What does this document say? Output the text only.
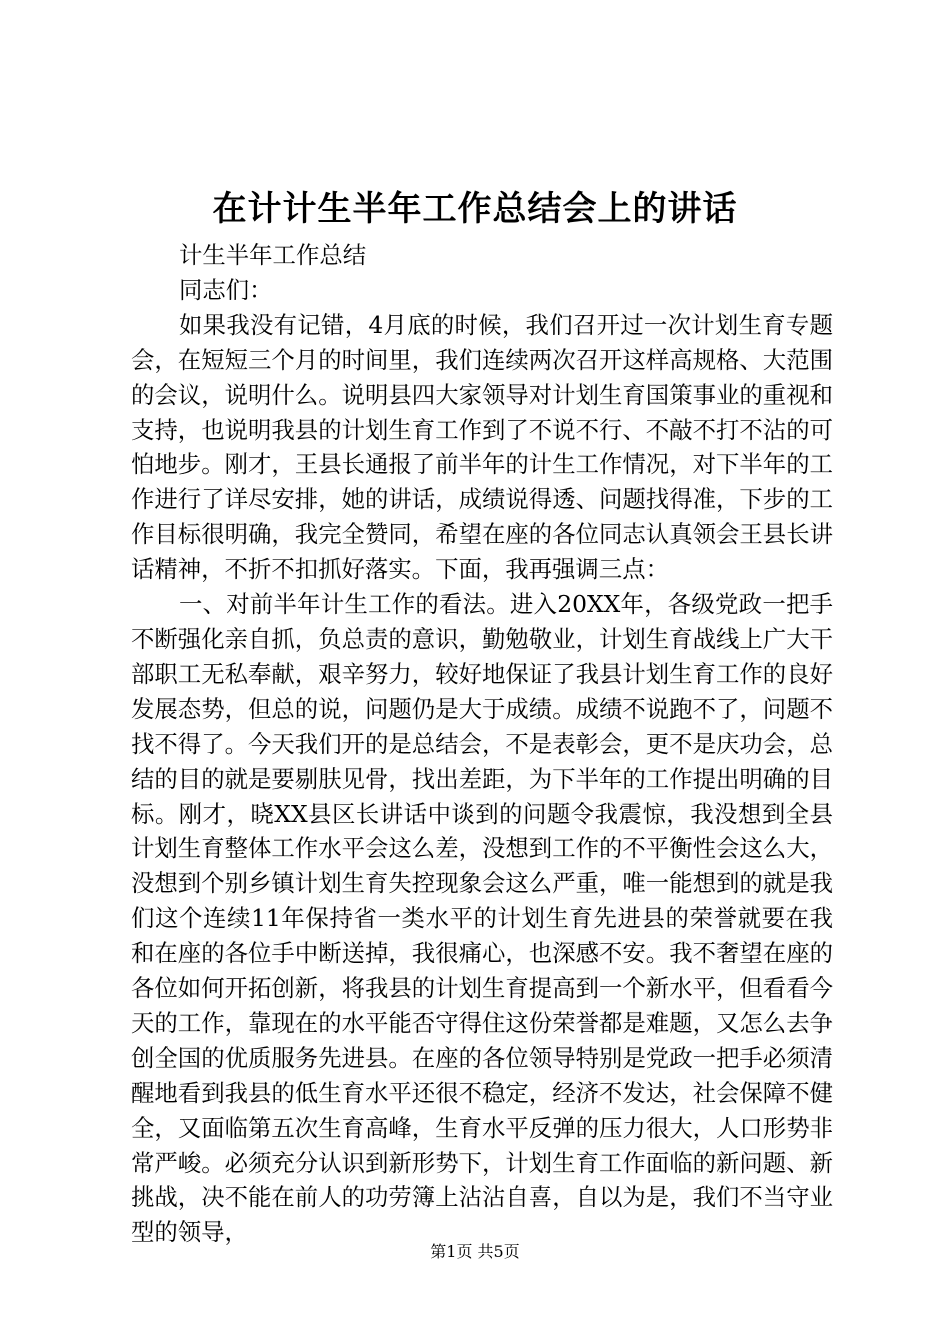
在计计生半年工作总结会上的讲话

计生半年工作总结

同志们：

如果我没有记错，4月底的时候，我们召开过一次计划生育专题会，在短短三个月的时间里，我们连续两次召开这样高规格、大范围的会议，说明什么。说明县四大家领导对计划生育国策事业的重视和支持，也说明我县的计划生育工作到了不说不行、不敲不打不沾的可怕地步。刚才，王县长通报了前半年的计生工作情况，对下半年的工作进行了详尽安排，她的讲话，成绩说得透、问题找得准，下步的工作目标很明确，我完全赞同，希望在座的各位同志认真领会王县长讲话精神，不折不扣抓好落实。下面，我再强调三点：

一、对前半年计生工作的看法。进入20XX年，各级党政一把手不断强化亲自抓，负总责的意识，勤勉敬业，计划生育战线上广大干部职工无私奉献，艰辛努力，较好地保证了我县计划生育工作的良好发展态势，但总的说，问题仍是大于成绩。成绩不说跑不了，问题不找不得了。今天我们开的是总结会，不是表彰会，更不是庆功会，总结的目的就是要剔肤见骨，找出差距，为下半年的工作提出明确的目标。刚才，晓XX县区长讲话中谈到的问题令我震惊，我没想到全县计划生育整体工作水平会这么差，没想到工作的不平衡性会这么大，没想到个别乡镇计划生育失控现象会这么严重，唯一能想到的就是我们这个连续11年保持省一类水平的计划生育先进县的荣誉就要在我和在座的各位手中断送掉，我很痛心，也深感不安。我不奢望在座的各位如何开拓创新，将我县的计划生育提高到一个新水平，但看看今天的工作，靠现在的水平能否守得住这份荣誉都是难题，又怎么去争创全国的优质服务先进县。在座的各位领导特别是党政一把手必须清醒地看到我县的低生育水平还很不稳定，经济不发达，社会保障不健全，又面临第五次生育高峰，生育水平反弹的压力很大，人口形势非常严峻。必须充分认识到新形势下，计划生育工作面临的新问题、新挑战，决不能在前人的功劳簿上沾沾自喜，自以为是，我们不当守业型的领导，

第1页 共5页
